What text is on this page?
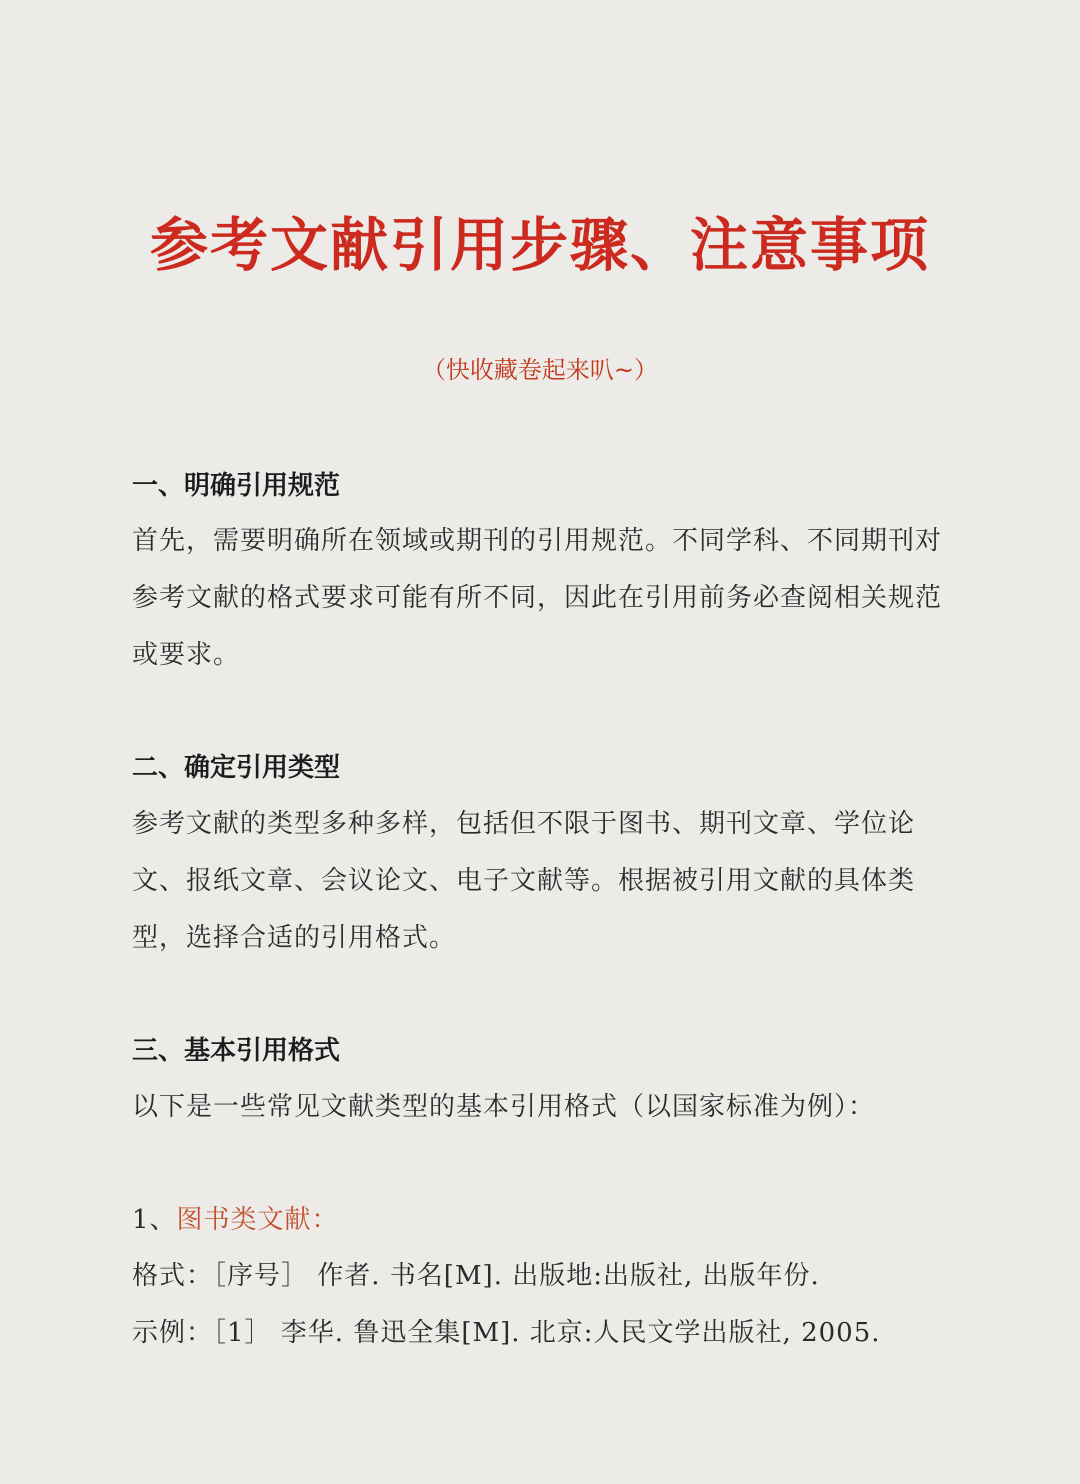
参考文献引用步骤、注意事项
（快收藏卷起来叭~）
一、明确引用规范

首先，需要明确所在领域或期刊的引用规范。不同学科、不同期刊对参考文献的格式要求可能有所不同，因此在引用前务必查阅相关规范或要求。

二、确定引用类型

参考文献的类型多种多样，包括但不限于图书、期刊文章、学位论文、报纸文章、会议论文、电子文献等。根据被引用文献的具体类型，选择合适的引用格式。

三、基本引用格式

以下是一些常见文献类型的基本引用格式（以国家标准为例）：

1、图书类文献：
格式：［序号］ 作者. 书名[M]. 出版地:出版社, 出版年份.
示例：［1］ 李华. 鲁迅全集[M]. 北京:人民文学出版社, 2005.
